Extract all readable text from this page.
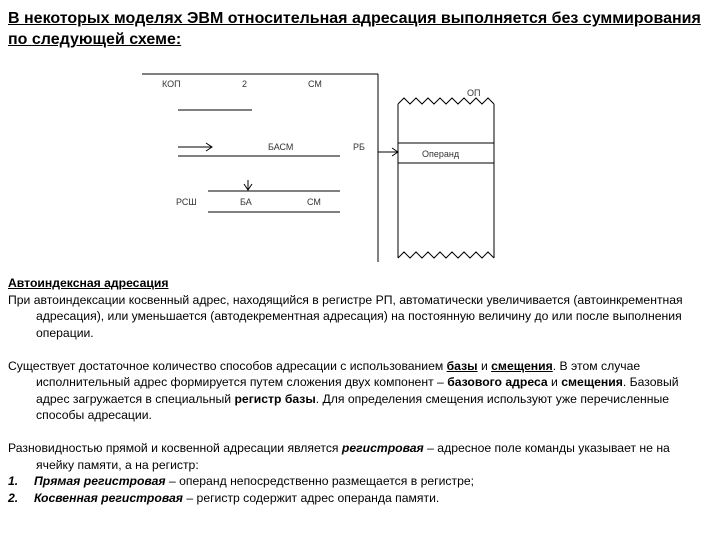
В некоторых моделях ЭВМ относительная адресация выполняется без суммирования по следующей схеме:
КОП	2	СМ
ОП
БАСМ	РБ
Операнд
РСШ	БА	СМ

Автоиндексная адресация

При автоиндексации косвенный адрес, находящийся в регистре РП, автоматически увеличивается (автоинкрементная адресация), или уменьшается (автодекрементная адресация) на постоянную величину до или после выполнения операции.

Существует достаточное количество способов адресации с использованием базы и смещения. В этом случае исполнительный адрес формируется путем сложения двух компонент – базового адреса и смещения. Базовый адрес загружается в специальный регистр базы. Для определения смещения используют уже перечисленные способы адресации.

Разновидностью прямой и косвенной адресации является регистровая – адресное поле команды указывает не на ячейку памяти, а на регистр:

1. Прямая регистровая – операнд непосредственно размещается в регистре;

2. Косвенная регистровая – регистр содержит адрес операнда памяти.
